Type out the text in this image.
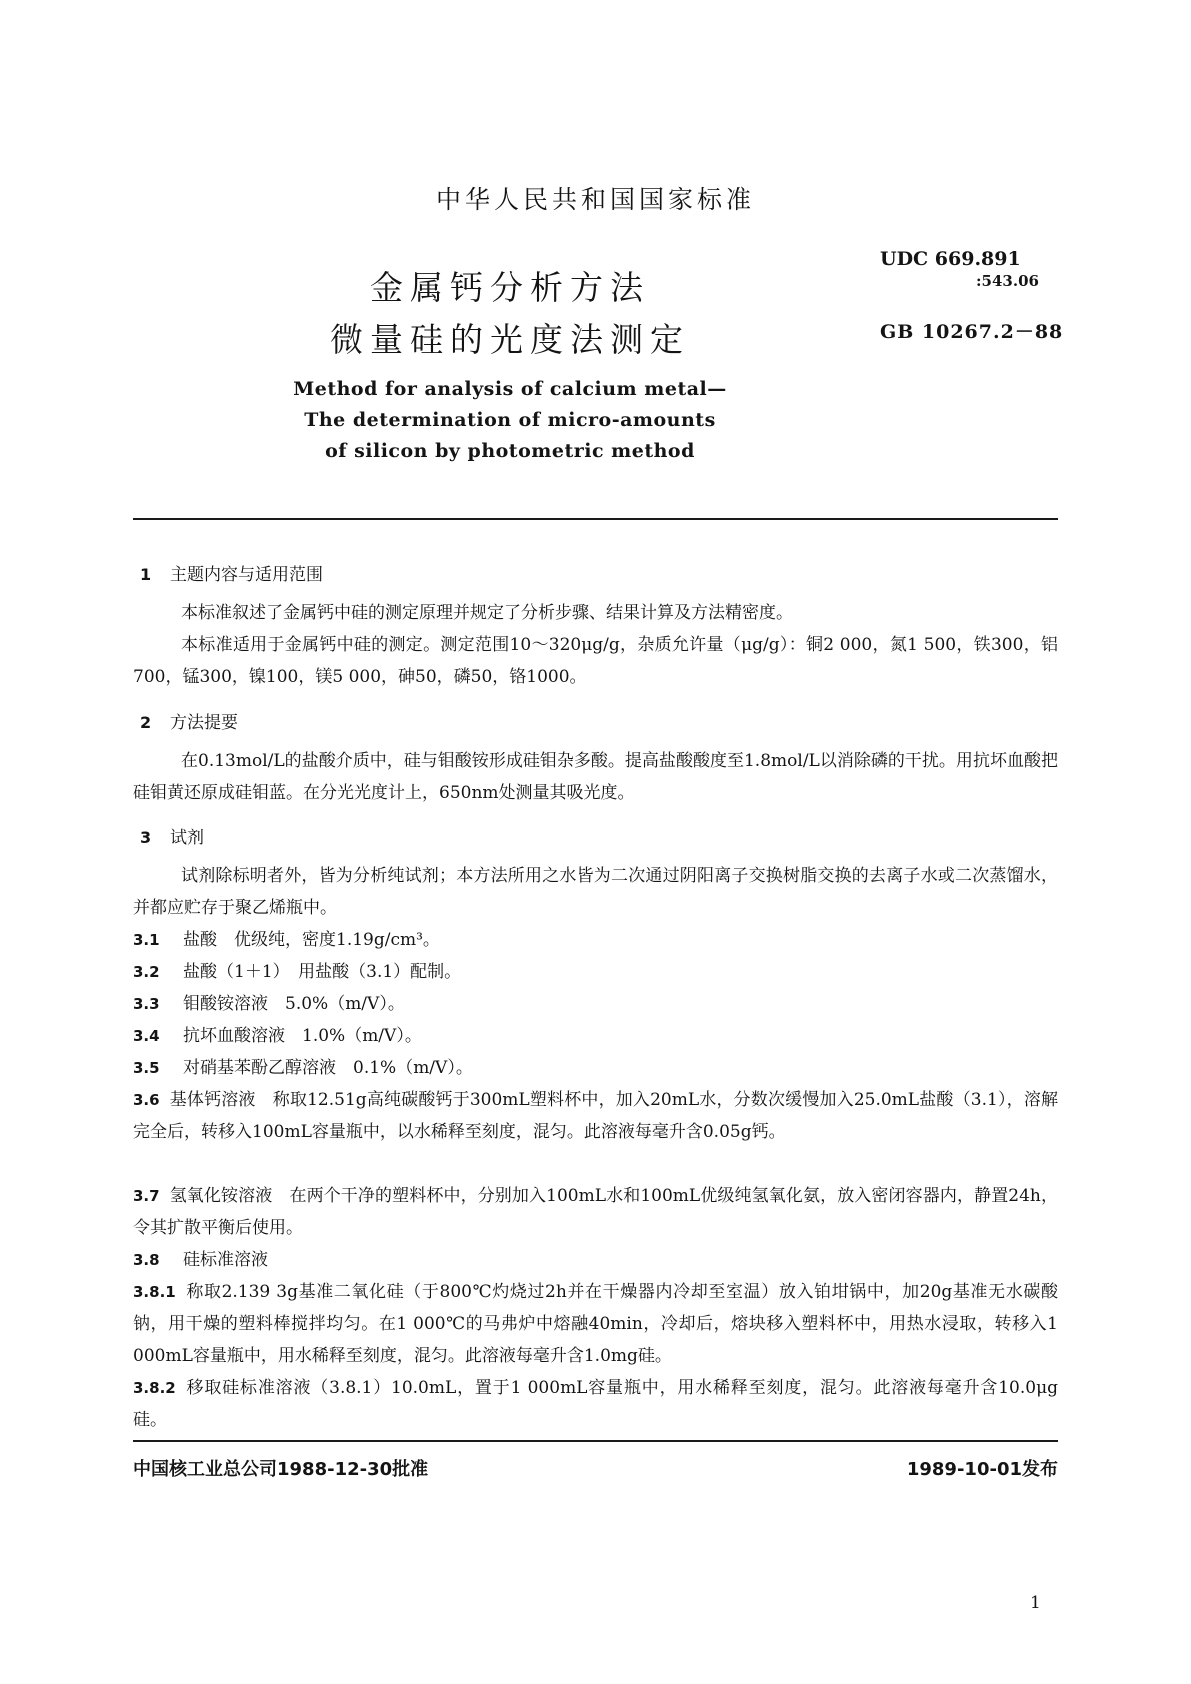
中华人民共和国国家标准
金属钙分析方法
微量硅的光度法测定
UDC 669.891
:543.06
GB 10267.2－88
Method for analysis of calcium metal—
The determination of micro-amounts
of silicon by photometric method
1 主题内容与适用范围
本标准叙述了金属钙中硅的测定原理并规定了分析步骤、结果计算及方法精密度。
本标准适用于金属钙中硅的测定。测定范围10～320μg/g，杂质允许量（μg/g）：铜2 000，氮1 500，铁300，铝700，锰300，镍100，镁5 000，砷50，磷50，铬1000。
2 方法提要
在0.13mol/L的盐酸介质中，硅与钼酸铵形成硅钼杂多酸。提高盐酸酸度至1.8mol/L以消除磷的干扰。用抗坏血酸把硅钼黄还原成硅钼蓝。在分光光度计上，650nm处测量其吸光度。
3 试剂
试剂除标明者外，皆为分析纯试剂；本方法所用之水皆为二次通过阴阳离子交换树脂交换的去离子水或二次蒸馏水，并都应贮存于聚乙烯瓶中。
3.1 盐酸　优级纯，密度1.19g/cm³。
3.2 盐酸（1＋1）　用盐酸（3.1）配制。
3.3 钼酸铵溶液　5.0%（m/V）。
3.4 抗坏血酸溶液　1.0%（m/V）。
3.5 对硝基苯酚乙醇溶液　0.1%（m/V）。
3.6 基体钙溶液　称取12.51g高纯碳酸钙于300mL塑料杯中，加入20mL水，分数次缓慢加入25.0mL盐酸（3.1），溶解完全后，转移入100mL容量瓶中，以水稀释至刻度，混匀。此溶液每毫升含0.05g钙。
3.7 氢氧化铵溶液　在两个干净的塑料杯中，分别加入100mL水和100mL优级纯氢氧化氨，放入密闭容器内，静置24h，令其扩散平衡后使用。
3.8 硅标准溶液
3.8.1 称取2.139 3g基准二氧化硅（于800℃灼烧过2h并在干燥器内冷却至室温）放入铂坩锅中，加20g基准无水碳酸钠，用干燥的塑料棒搅拌均匀。在1 000℃的马弗炉中熔融40min，冷却后，熔块移入塑料杯中，用热水浸取，转移入1 000mL容量瓶中，用水稀释至刻度，混匀。此溶液每毫升含1.0mg硅。
3.8.2 移取硅标准溶液（3.8.1）10.0mL，置于1 000mL容量瓶中，用水稀释至刻度，混匀。此溶液每毫升含10.0μg硅。
中国核工业总公司1988-12-30批准	1989-10-01发布
1
